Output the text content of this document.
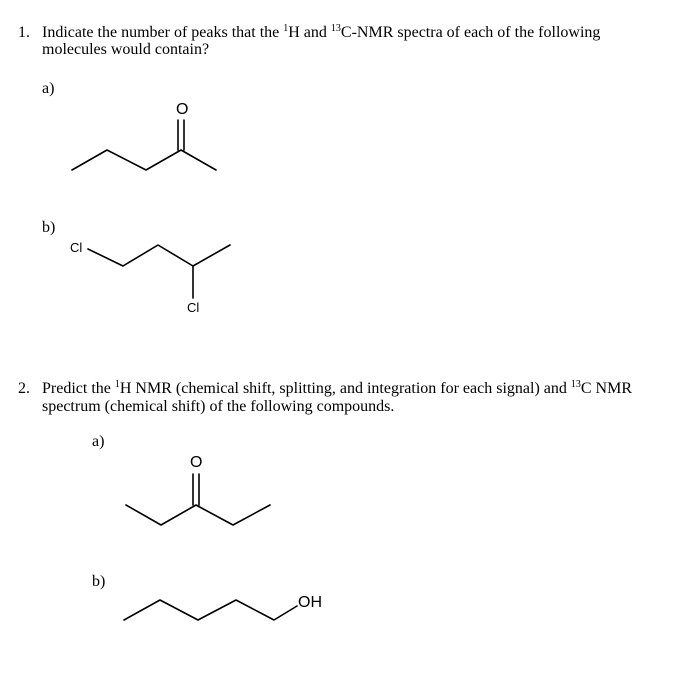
1. Indicate the number of peaks that the $^1$H and $^{13}$C-NMR spectra of each of the following
molecules would contain?
a)
O
b)
Cl
Cl
2. Predict the $^1$H NMR (chemical shift, splitting, and integration for each signal) and $^{13}$C NMR
spectrum (chemical shift) of the following compounds.
a)
O
b)
OH
